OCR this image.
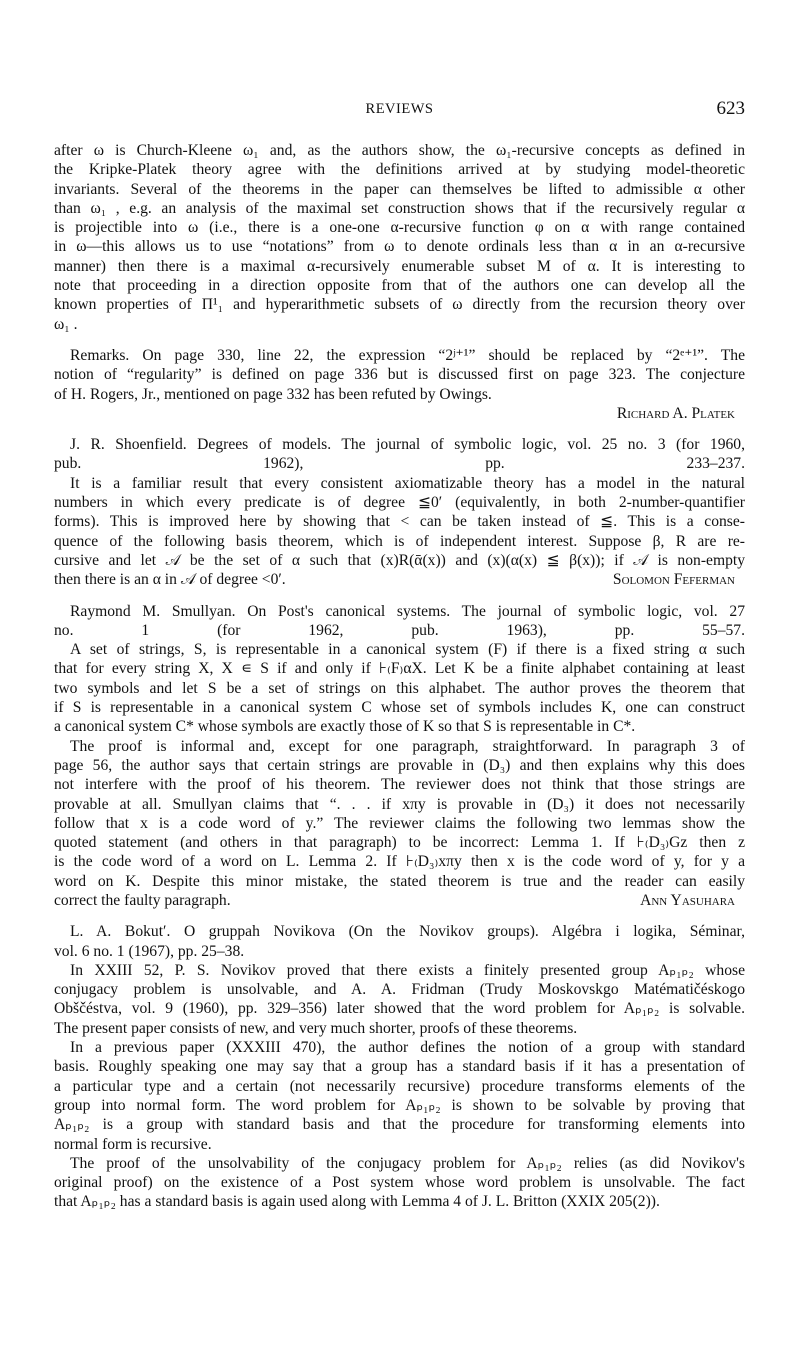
REVIEWS	623
after ω is Church-Kleene ω₁ and, as the authors show, the ω₁-recursive concepts as defined in
the Kripke-Platek theory agree with the definitions arrived at by studying model-theoretic
invariants. Several of the theorems in the paper can themselves be lifted to admissible α other
than ω₁ , e.g. an analysis of the maximal set construction shows that if the recursively regular α
is projectible into ω (i.e., there is a one-one α-recursive function φ on α with range contained
in ω—this allows us to use “notations” from ω to denote ordinals less than α in an α-recursive
manner) then there is a maximal α-recursively enumerable subset M of α. It is interesting to
note that proceeding in a direction opposite from that of the authors one can develop all the
known properties of Π¹₁ and hyperarithmetic subsets of ω directly from the recursion theory over
ω₁ .
Remarks. On page 330, line 22, the expression “2ʲ⁺¹” should be replaced by “2ᵉ⁺¹”. The
notion of “regularity” is defined on page 336 but is discussed first on page 323. The conjecture
of H. Rogers, Jr., mentioned on page 332 has been refuted by Owings.
Richard A. Platek
J. R. Shoenfield. Degrees of models. The journal of symbolic logic, vol. 25 no. 3 (for 1960,
pub. 1962), pp. 233–237.
It is a familiar result that every consistent axiomatizable theory has a model in the natural
numbers in which every predicate is of degree ≦0′ (equivalently, in both 2-number-quantifier
forms). This is improved here by showing that < can be taken instead of ≦. This is a conse-
quence of the following basis theorem, which is of independent interest. Suppose β, R are re-
cursive and let 𝒜 be the set of α such that (x)R(ᾱ(x)) and (x)(α(x) ≦ β(x)); if 𝒜 is non-empty
Solomon Feferman
then there is an α in 𝒜 of degree <0′.
Raymond M. Smullyan. On Post's canonical systems. The journal of symbolic logic, vol. 27
no. 1 (for 1962, pub. 1963), pp. 55–57.
A set of strings, S, is representable in a canonical system (F) if there is a fixed string α such
that for every string X, X ∊ S if and only if ⊦₍F₎αX. Let K be a finite alphabet containing at least
two symbols and let S be a set of strings on this alphabet. The author proves the theorem that
if S is representable in a canonical system C whose set of symbols includes K, one can construct
a canonical system C* whose symbols are exactly those of K so that S is representable in C*.
The proof is informal and, except for one paragraph, straightforward. In paragraph 3 of
page 56, the author says that certain strings are provable in (D₃) and then explains why this does
not interfere with the proof of his theorem. The reviewer does not think that those strings are
provable at all. Smullyan claims that “. . . if xπy is provable in (D₃) it does not necessarily
follow that x is a code word of y.” The reviewer claims the following two lemmas show the
quoted statement (and others in that paragraph) to be incorrect: Lemma 1. If ⊦₍D₃₎Gz then z
is the code word of a word on L. Lemma 2. If ⊦₍D₃₎xπy then x is the code word of y, for y a
word on K. Despite this minor mistake, the stated theorem is true and the reader can easily
Ann Yasuhara
correct the faulty paragraph.
L. A. Bokut′. O gruppah Novikova (On the Novikov groups). Algébra i logika, Séminar,
vol. 6 no. 1 (1967), pp. 25–38.
In XXIII 52, P. S. Novikov proved that there exists a finitely presented group Aₚ₁ₚ₂ whose
conjugacy problem is unsolvable, and A. A. Fridman (Trudy Moskovskgo Matématičéskogo
Obščéstva, vol. 9 (1960), pp. 329–356) later showed that the word problem for Aₚ₁ₚ₂ is solvable.
The present paper consists of new, and very much shorter, proofs of these theorems.
In a previous paper (XXXIII 470), the author defines the notion of a group with standard
basis. Roughly speaking one may say that a group has a standard basis if it has a presentation of
a particular type and a certain (not necessarily recursive) procedure transforms elements of the
group into normal form. The word problem for Aₚ₁ₚ₂ is shown to be solvable by proving that
Aₚ₁ₚ₂ is a group with standard basis and that the procedure for transforming elements into
normal form is recursive.
The proof of the unsolvability of the conjugacy problem for Aₚ₁ₚ₂ relies (as did Novikov's
original proof) on the existence of a Post system whose word problem is unsolvable. The fact
that Aₚ₁ₚ₂ has a standard basis is again used along with Lemma 4 of J. L. Britton (XXIX 205(2)).
